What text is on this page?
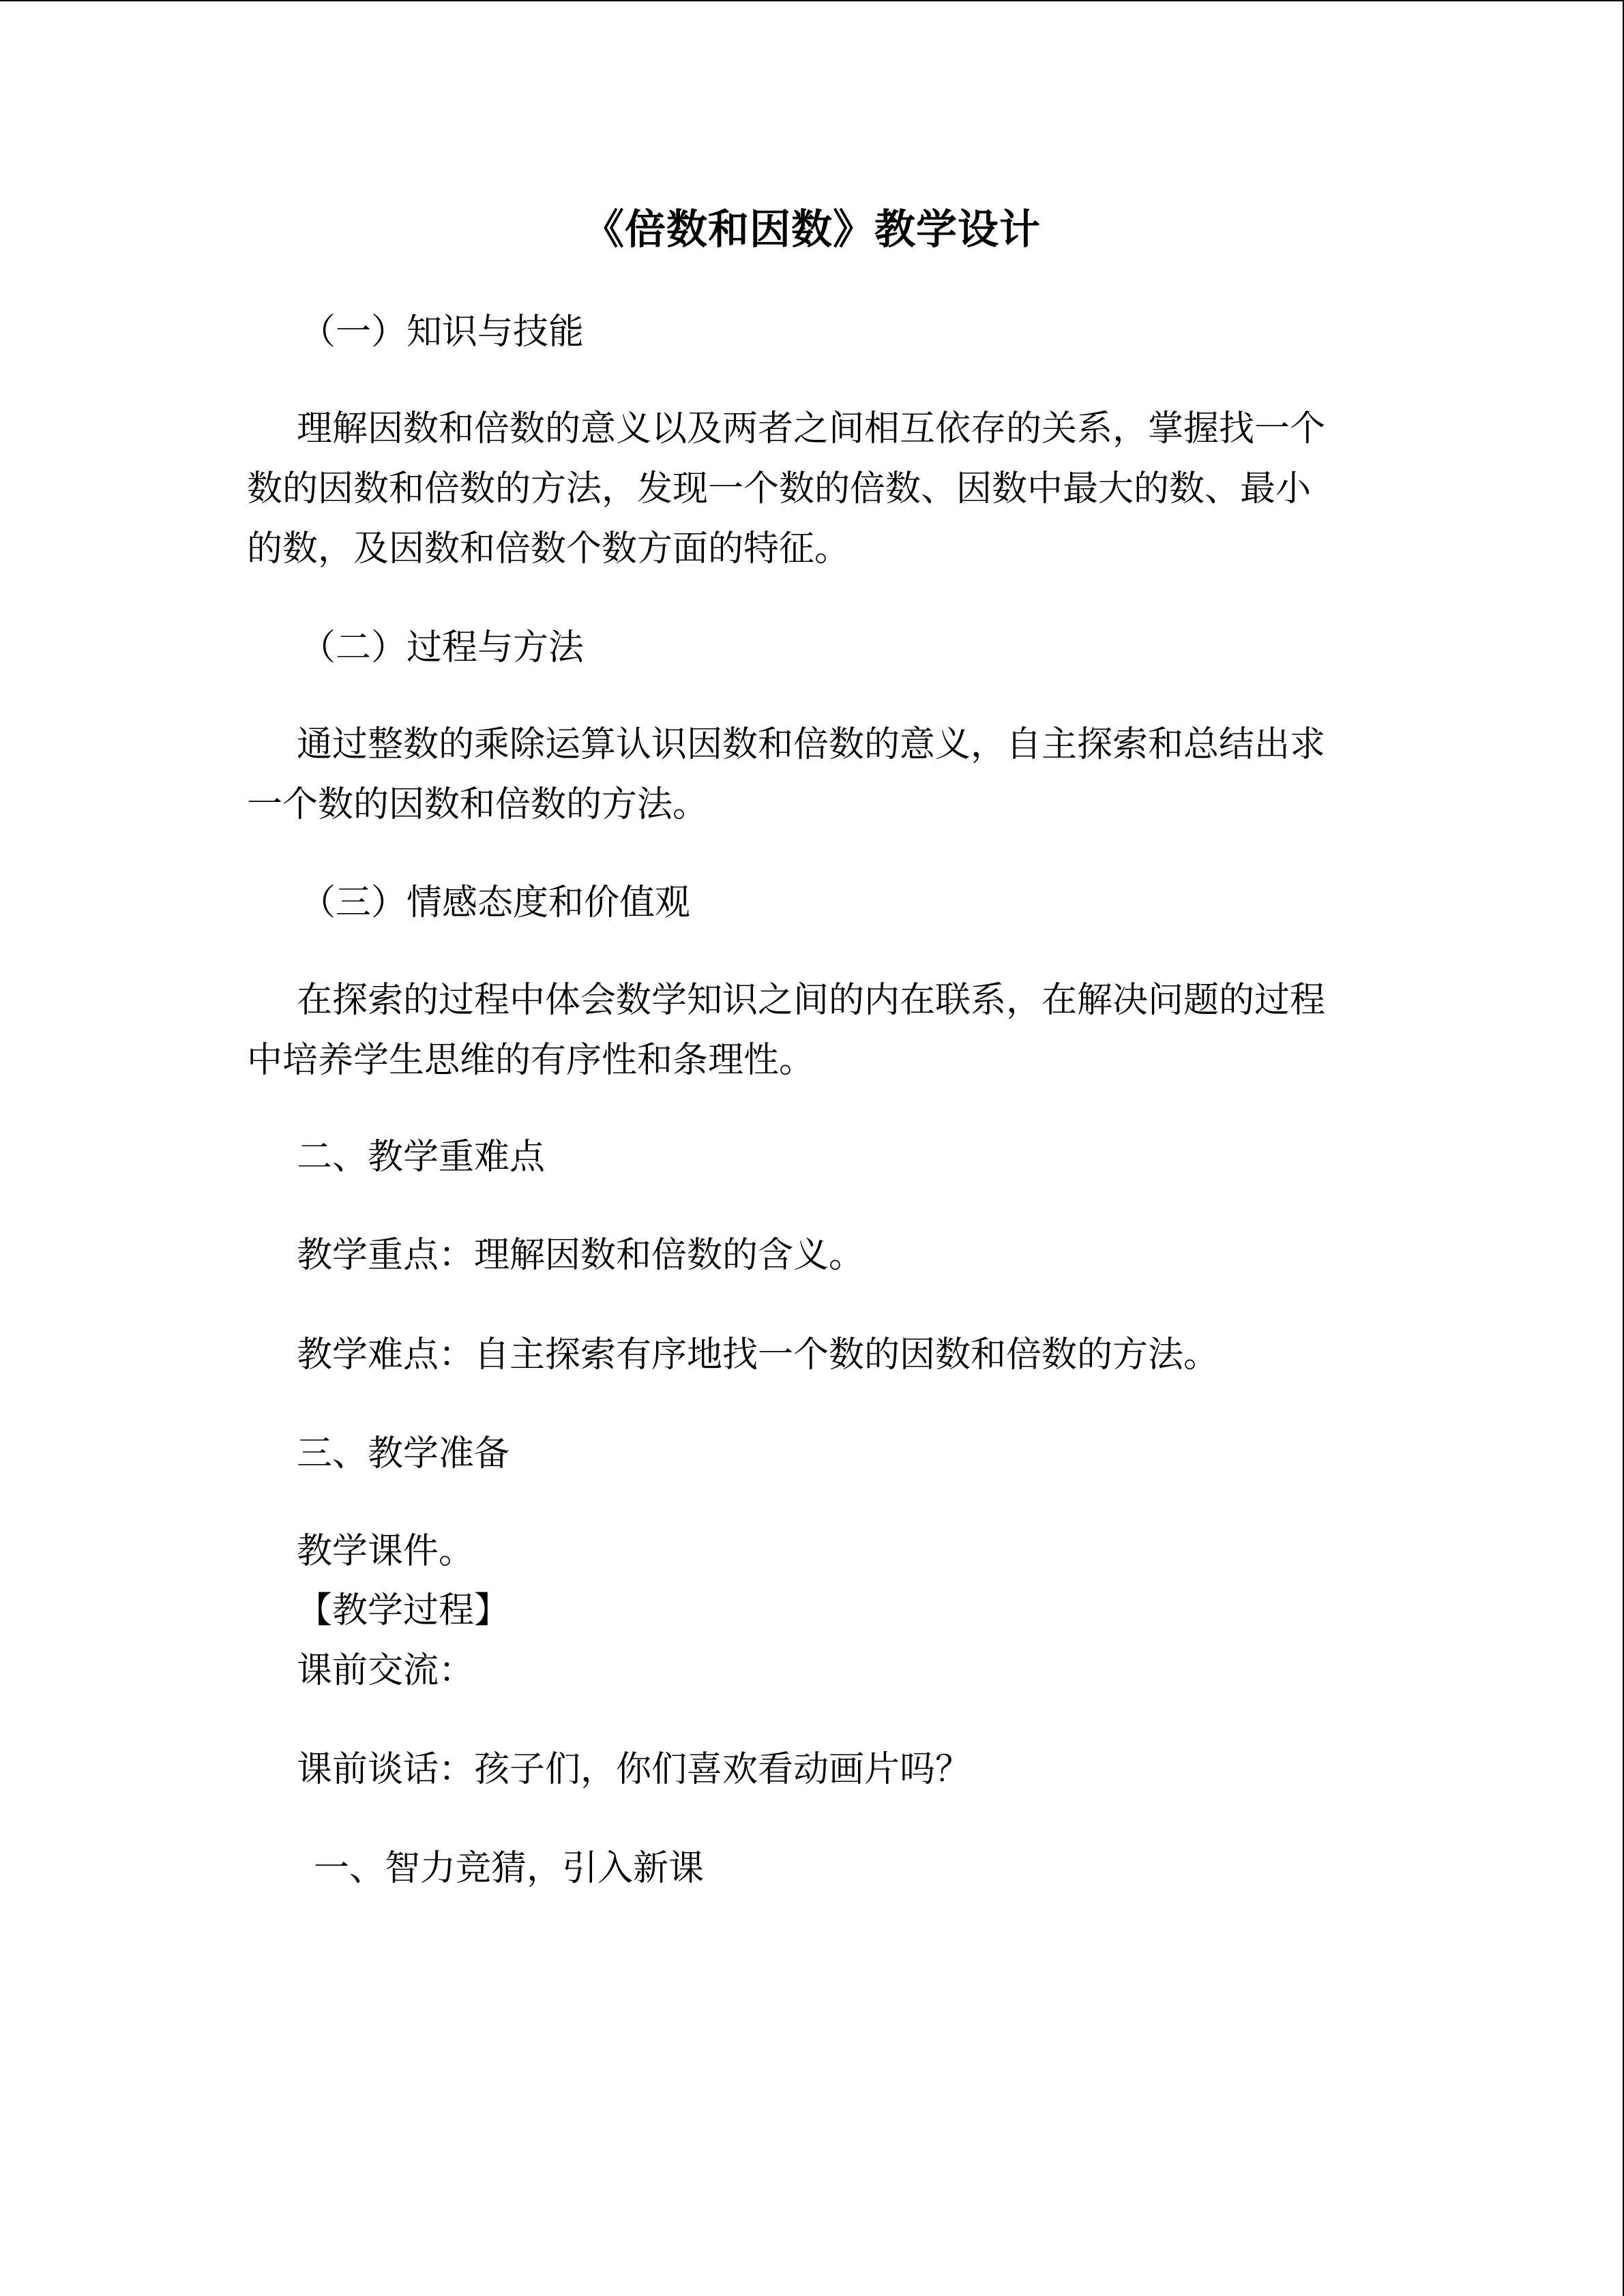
《倍数和因数》教学设计
（一）知识与技能
理解因数和倍数的意义以及两者之间相互依存的关系，掌握找一个
数的因数和倍数的方法，发现一个数的倍数、因数中最大的数、最小
的数，及因数和倍数个数方面的特征。
（二）过程与方法
通过整数的乘除运算认识因数和倍数的意义，自主探索和总结出求
一个数的因数和倍数的方法。
（三）情感态度和价值观
在探索的过程中体会数学知识之间的内在联系，在解决问题的过程
中培养学生思维的有序性和条理性。
二、教学重难点
教学重点：理解因数和倍数的含义。
教学难点：自主探索有序地找一个数的因数和倍数的方法。
三、教学准备
教学课件。
【教学过程】
课前交流：
课前谈话：孩子们，你们喜欢看动画片吗？
一、智力竞猜，引入新课
